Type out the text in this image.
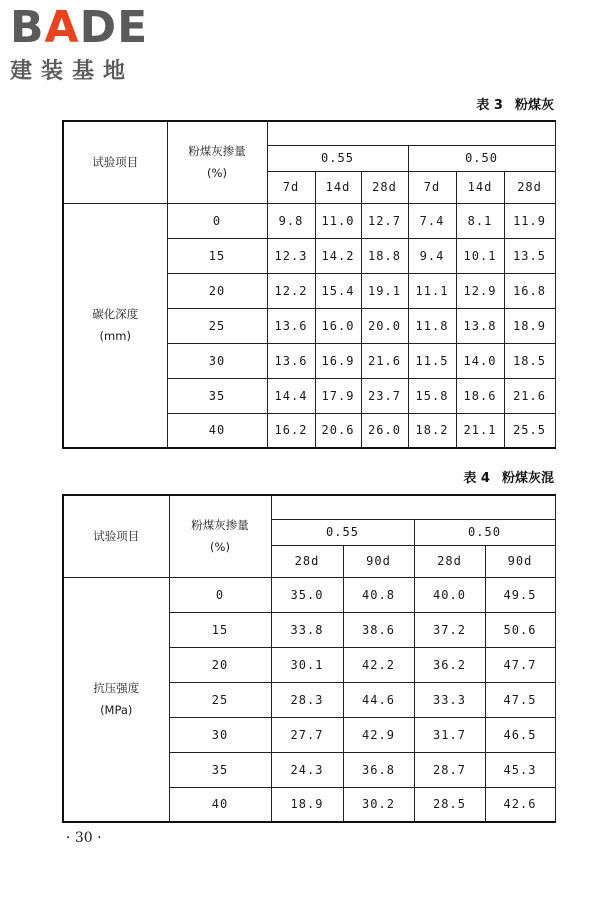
BADE
建装基地
表 3 粉煤灰
试验项目	粉煤灰掺量
(%)						
		0.55			0.50		
		7d	14d	28d	7d	14d	28d
碳化深度
(mm)	0	9.8	11.0	12.7	7.4	8.1	11.9
	15	12.3	14.2	18.8	9.4	10.1	13.5
	20	12.2	15.4	19.1	11.1	12.9	16.8
	25	13.6	16.0	20.0	11.8	13.8	18.9
	30	13.6	16.9	21.6	11.5	14.0	18.5
	35	14.4	17.9	23.7	15.8	18.6	21.6
	40	16.2	20.6	26.0	18.2	21.1	25.5
表 4 粉煤灰混
试验项目	粉煤灰掺量
(%)				
		0.55		0.50	
		28d	90d	28d	90d
抗压强度
(MPa)	0	35.0	40.8	40.0	49.5
	15	33.8	38.6	37.2	50.6
	20	30.1	42.2	36.2	47.7
	25	28.3	44.6	33.3	47.5
	30	27.7	42.9	31.7	46.5
	35	24.3	36.8	28.7	45.3
	40	18.9	30.2	28.5	42.6
· 30 ·
